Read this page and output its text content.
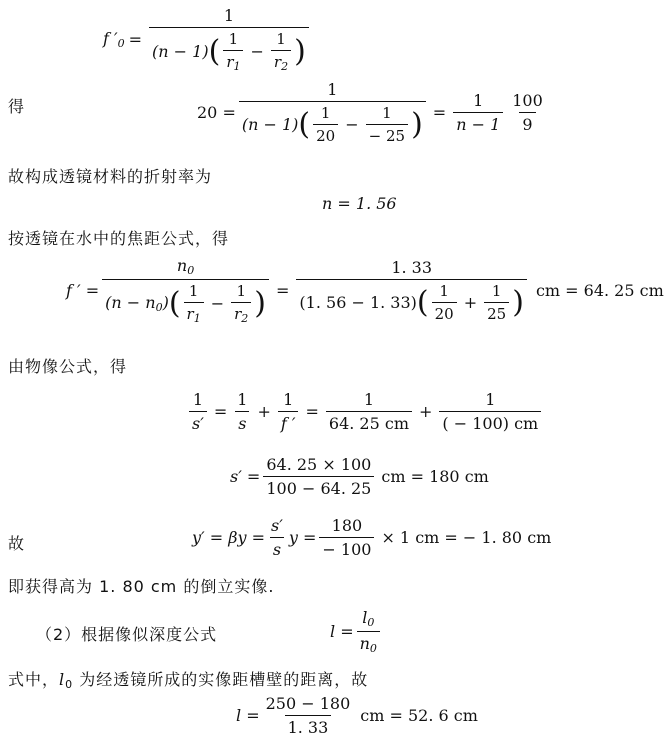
f $'_0 = \frac{1}{(n - 1) ( \frac{1}{r_1} - \frac{1}{r_2} )}$
得	$20 = \frac{1}{(n - 1) ( \frac{1}{20} - \frac{1}{- 25} )} = \frac{1}{n - 1} \frac{100}{9}$
故构成透镜材料的折射率为
n = 1. 56
按透镜在水中的焦距公式，得
f ′ = $\frac{n_0}{(n - n_0) ( \frac{1}{r_1} - \frac{1}{r_2} )} = \frac{1. 33}{(1. 56 - 1. 33) ( \frac{1}{20} + \frac{1}{25} )}$ cm = 64. 25 cm
由物像公式，得
$\frac{1}{s'} = \frac{1}{s} + \frac{1}{f '} = \frac{1}{64. 25 cm} + \frac{1}{( - 100) cm}$
$s' = \frac{64. 25 \times 100}{100 - 64. 25}$ cm = 180 cm
故	$y' = \beta y = \frac{s'}{s}$ $y = \frac{180}{- 100} \times 1$ cm = − 1. 80 cm
即获得高为 1. 80 cm 的倒立实像.
（2）根据像似深度公式	$l = \frac{l_0}{n_0}$
式中，$l_0$ 为经透镜所成的实像距槽壁的距离，故
$l = \frac{250 - 180}{1. 33}$ cm = 52. 6 cm
